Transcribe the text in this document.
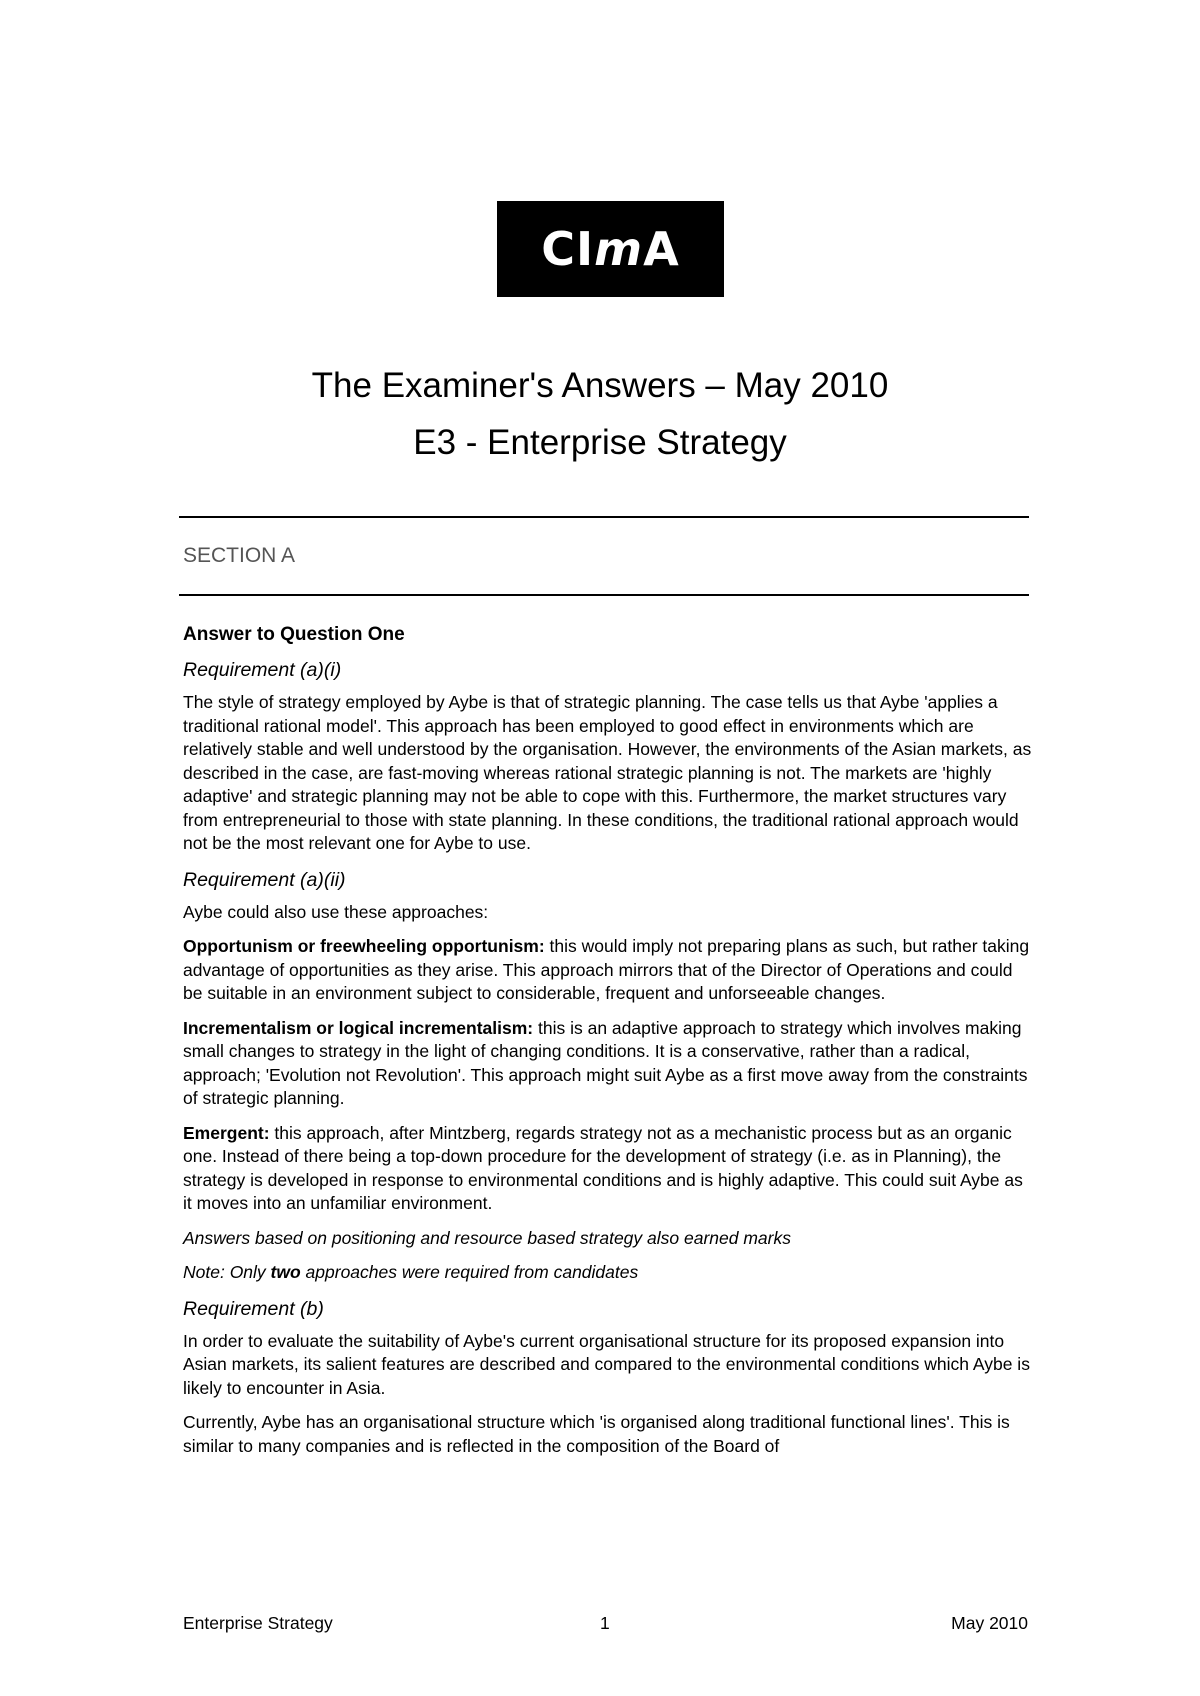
CImA
The Examiner's Answers – May 2010
E3 - Enterprise Strategy

SECTION A

Answer to Question One

Requirement (a)(i)

The style of strategy employed by Aybe is that of strategic planning. The case tells us that Aybe 'applies a traditional rational model'. This approach has been employed to good effect in environments which are relatively stable and well understood by the organisation. However, the environments of the Asian markets, as described in the case, are fast-moving whereas rational strategic planning is not. The markets are 'highly adaptive' and strategic planning may not be able to cope with this. Furthermore, the market structures vary from entrepreneurial to those with state planning. In these conditions, the traditional rational approach would not be the most relevant one for Aybe to use.

Requirement (a)(ii)

Aybe could also use these approaches:

Opportunism or freewheeling opportunism: this would imply not preparing plans as such, but rather taking advantage of opportunities as they arise. This approach mirrors that of the Director of Operations and could be suitable in an environment subject to considerable, frequent and unforseeable changes.

Incrementalism or logical incrementalism: this is an adaptive approach to strategy which involves making small changes to strategy in the light of changing conditions. It is a conservative, rather than a radical, approach; 'Evolution not Revolution'. This approach might suit Aybe as a first move away from the constraints of strategic planning.

Emergent: this approach, after Mintzberg, regards strategy not as a mechanistic process but as an organic one. Instead of there being a top-down procedure for the development of strategy (i.e. as in Planning), the strategy is developed in response to environmental conditions and is highly adaptive. This could suit Aybe as it moves into an unfamiliar environment.

Answers based on positioning and resource based strategy also earned marks

Note: Only two approaches were required from candidates

Requirement (b)

In order to evaluate the suitability of Aybe's current organisational structure for its proposed expansion into Asian markets, its salient features are described and compared to the environmental conditions which Aybe is likely to encounter in Asia.

Currently, Aybe has an organisational structure which 'is organised along traditional functional lines'. This is similar to many companies and is reflected in the composition of the Board of

Enterprise Strategy	1	May 2010
